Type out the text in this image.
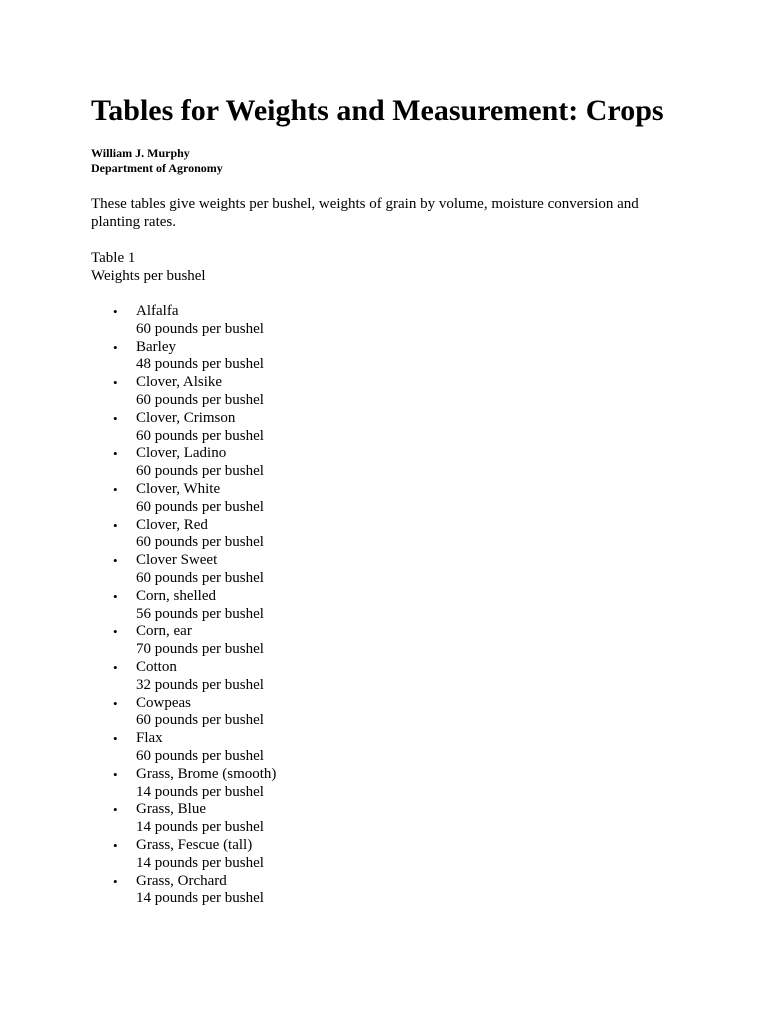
Tables for Weights and Measurement: Crops
William J. Murphy
Department of Agronomy

These tables give weights per bushel, weights of grain by volume, moisture conversion and planting rates.

Table 1
Weights per bushel
• Alfalfa
60 pounds per bushel
• Barley
48 pounds per bushel
• Clover, Alsike
60 pounds per bushel
• Clover, Crimson
60 pounds per bushel
• Clover, Ladino
60 pounds per bushel
• Clover, White
60 pounds per bushel
• Clover, Red
60 pounds per bushel
• Clover Sweet
60 pounds per bushel
• Corn, shelled
56 pounds per bushel
• Corn, ear
70 pounds per bushel
• Cotton
32 pounds per bushel
• Cowpeas
60 pounds per bushel
• Flax
60 pounds per bushel
• Grass, Brome (smooth)
14 pounds per bushel
• Grass, Blue
14 pounds per bushel
• Grass, Fescue (tall)
14 pounds per bushel
• Grass, Orchard
14 pounds per bushel
